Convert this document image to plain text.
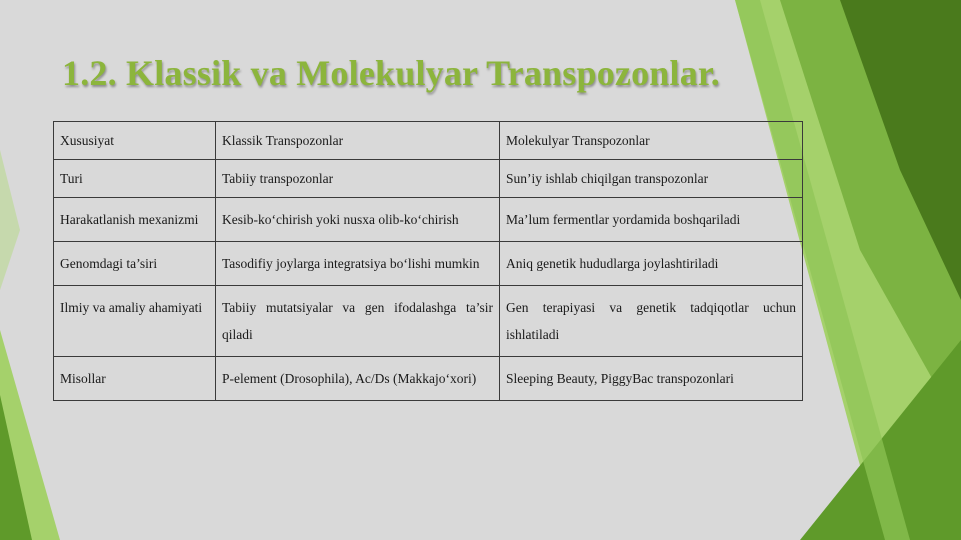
1.2. Klassik va Molekulyar Transpozonlar.
Xususiyat	Klassik Transpozonlar	Molekulyar Transpozonlar
Turi	Tabiiy transpozonlar	Sun’iy ishlab chiqilgan transpozonlar
Harakatlanish mexanizmi	Kesib-ko‘chirish yoki nusxa olib-ko‘chirish	Ma’lum fermentlar yordamida boshqariladi
Genomdagi ta’siri	Tasodifiy joylarga integratsiya bo‘lishi mumkin	Aniq genetik hududlarga joylashtiriladi
Ilmiy va amaliy ahamiyati	Tabiiy mutatsiyalar va gen ifodalashga ta’sir qiladi	Gen terapiyasi va genetik tadqiqotlar uchun ishlatiladi
Misollar	P-element (Drosophila), Ac/Ds (Makkajo‘xori)	Sleeping Beauty, PiggyBac transpozonlari
